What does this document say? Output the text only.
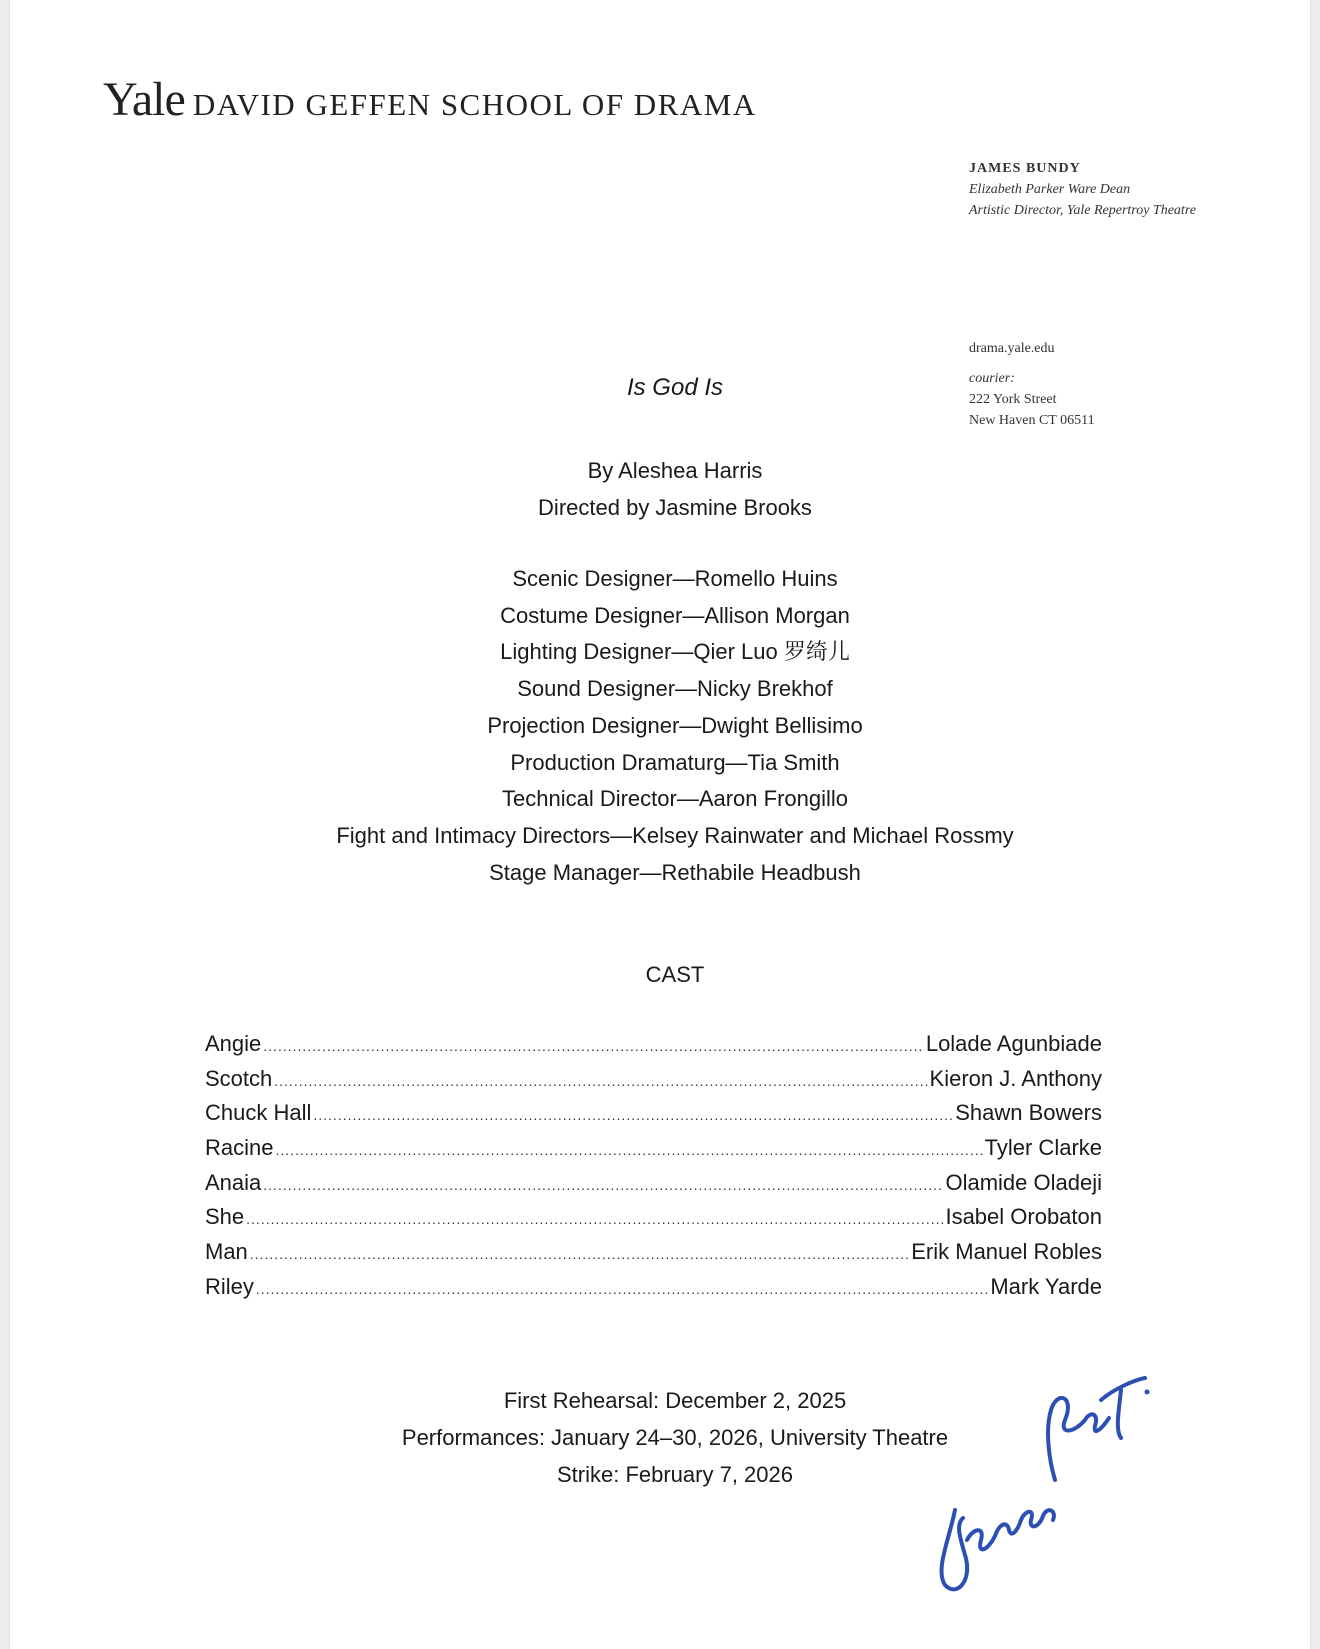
Yale DAVID GEFFEN SCHOOL OF DRAMA
JAMES BUNDY
Elizabeth Parker Ware Dean
Artistic Director, Yale Repertroy Theatre
drama.yale.edu
courier:
222 York Street
New Haven CT 06511
Is God Is
By Aleshea Harris
Directed by Jasmine Brooks
Scenic Designer—Romello Huins
Costume Designer—Allison Morgan
Lighting Designer—Qier Luo 罗绮儿
Sound Designer—Nicky Brekhof
Projection Designer—Dwight Bellisimo
Production Dramaturg—Tia Smith
Technical Director—Aaron Frongillo
Fight and Intimacy Directors—Kelsey Rainwater and Michael Rossmy
Stage Manager—Rethabile Headbush
CAST
Angie .....	Lolade Agunbiade
Scotch .....	Kieron J. Anthony
Chuck Hall .....	Shawn Bowers
Racine .....	Tyler Clarke
Anaia .....	Olamide Oladeji
She .....	Isabel Orobaton
Man .....	Erik Manuel Robles
Riley .....	Mark Yarde
First Rehearsal: December 2, 2025
Performances: January 24–30, 2026, University Theatre
Strike: February 7, 2026
